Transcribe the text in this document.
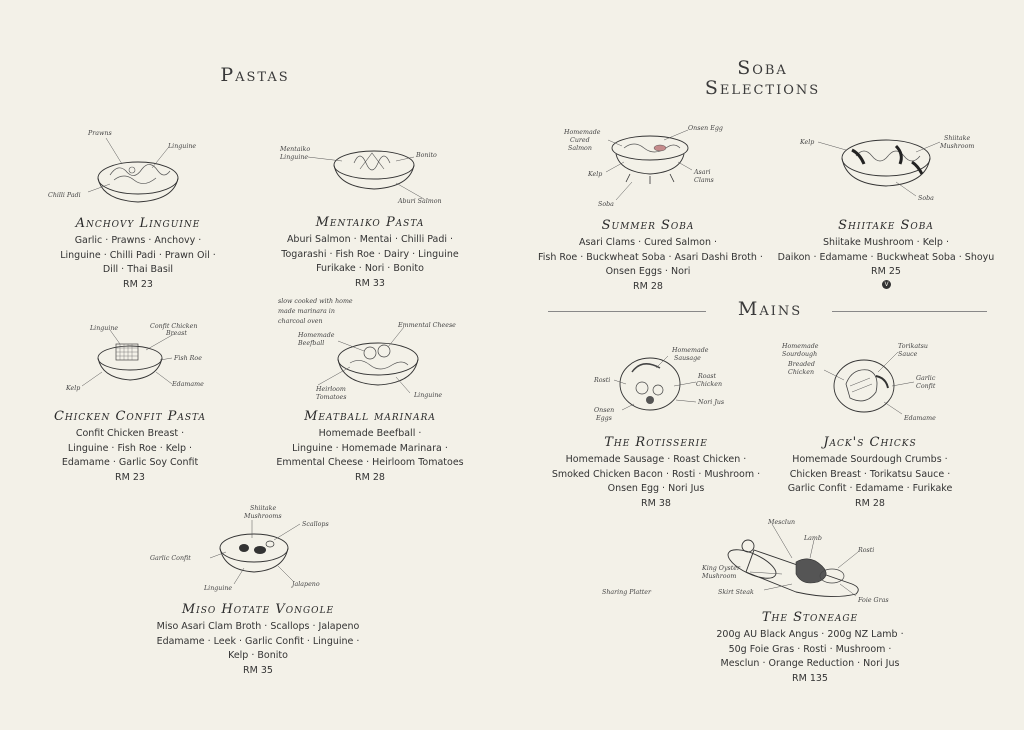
Pastas	Soba
Selections
Mains
Prawns
Linguine
Chilli Padi
Mentaiko
Linguine	Bonito
Aburi Salmon
Linguine	Confit Chicken
Breast
Fish Roe
Kelp
Edamame
slow cooked with home
made marinara in
charcoal oven
Homemade
Beefball
Emmental Cheese
Heirloom
Tomatoes	Linguine
Shiitake
Mushrooms
Scallops
Garlic Confit
Linguine
Jalapeno
Homemade
Cured
Salmon
Onsen Egg
Kelp
Soba
Asari
Clams
Kelp
Shiitake
Mushroom
Soba
Homemade
Sausage
Rosti
Roast
Chicken
Nori Jus
Onsen
Eggs
Homemade
Sourdough
Breaded
Chicken
Torikatsu
Sauce
Garlic
Confit
Edamame
Mesclun
Lamb
Rosti
King Oyster
Mushroom
Skirt Steak
Foie Gras
Sharing Platter
Anchovy Linguine
Garlic · Prawns · Anchovy ·
Linguine · Chilli Padi · Prawn Oil ·
Dill · Thai Basil
RM 23
Mentaiko Pasta
Aburi Salmon · Mentai · Chilli Padi ·
Togarashi · Fish Roe · Dairy · Linguine
Furikake · Nori · Bonito
RM 33
Chicken Confit Pasta
Confit Chicken Breast ·
Linguine · Fish Roe · Kelp ·
Edamame · Garlic Soy Confit
RM 23
Meatball marinara
Homemade Beefball ·
Linguine · Homemade Marinara ·
Emmental Cheese · Heirloom Tomatoes
RM 28
Miso Hotate Vongole
Miso Asari Clam Broth · Scallops · Jalapeno
Edamame · Leek · Garlic Confit · Linguine ·
Kelp · Bonito
RM 35
Summer Soba
Asari Clams · Cured Salmon ·
Fish Roe · Buckwheat Soba · Asari Dashi Broth ·
Onsen Eggs · Nori
RM 28
Shiitake Soba
Shiitake Mushroom · Kelp ·
Daikon · Edamame · Buckwheat Soba · Shoyu
RM 25
V
The Rotisserie
Homemade Sausage · Roast Chicken ·
Smoked Chicken Bacon · Rosti · Mushroom ·
Onsen Egg · Nori Jus
RM 38
Jack's Chicks
Homemade Sourdough Crumbs ·
Chicken Breast · Torikatsu Sauce ·
Garlic Confit · Edamame · Furikake
RM 28
The Stoneage
200g AU Black Angus · 200g NZ Lamb ·
50g Foie Gras · Rosti · Mushroom ·
Mesclun · Orange Reduction · Nori Jus
RM 135
